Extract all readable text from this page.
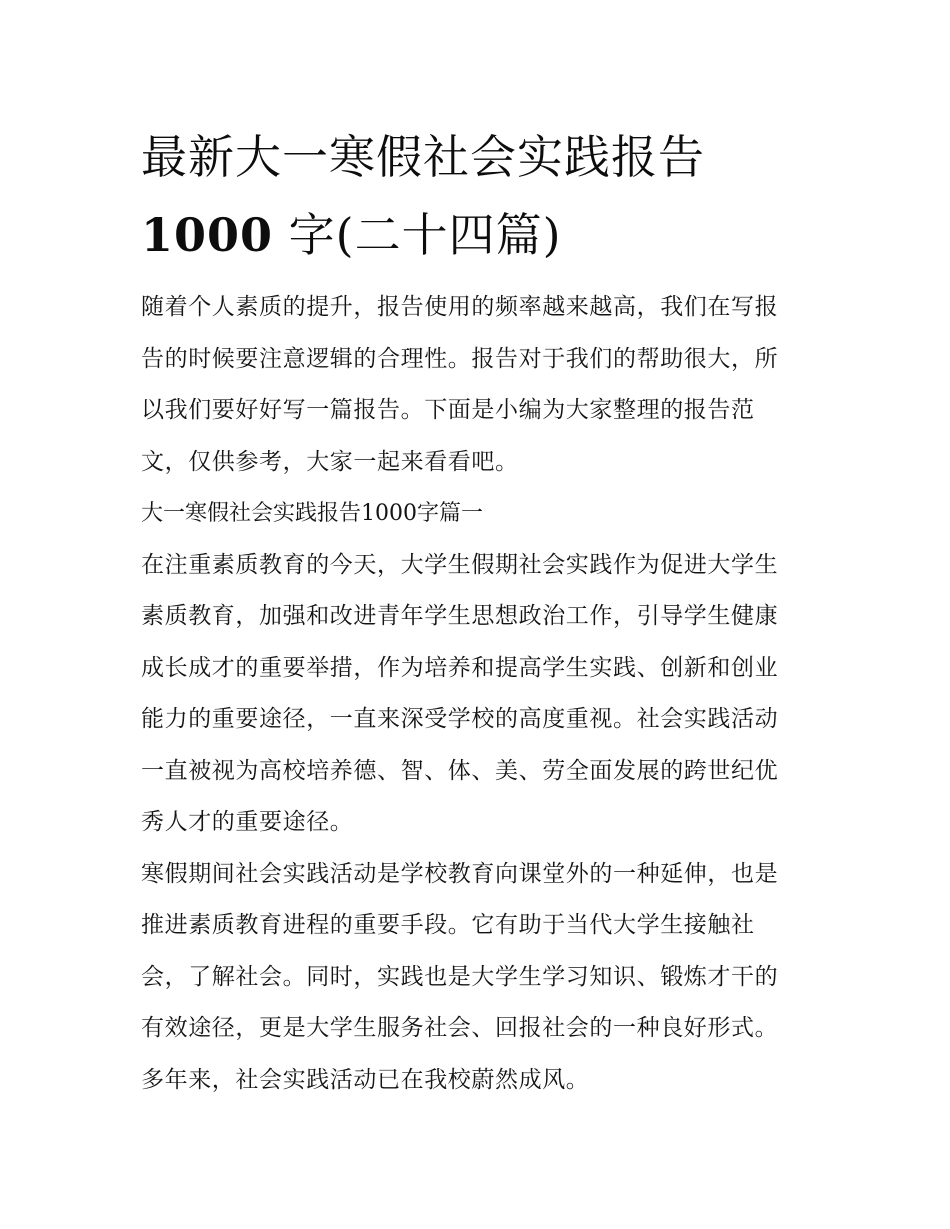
最新大一寒假社会实践报告
1000 字(二十四篇)

随着个人素质的提升，报告使用的频率越来越高，我们在写报

告的时候要注意逻辑的合理性。报告对于我们的帮助很大，所

以我们要好好写一篇报告。下面是小编为大家整理的报告范

文，仅供参考，大家一起来看看吧。

大一寒假社会实践报告1000字篇一

在注重素质教育的今天，大学生假期社会实践作为促进大学生

素质教育，加强和改进青年学生思想政治工作，引导学生健康

成长成才的重要举措，作为培养和提高学生实践、创新和创业

能力的重要途径，一直来深受学校的高度重视。社会实践活动

一直被视为高校培养德、智、体、美、劳全面发展的跨世纪优

秀人才的重要途径。

寒假期间社会实践活动是学校教育向课堂外的一种延伸，也是

推进素质教育进程的重要手段。它有助于当代大学生接触社

会，了解社会。同时，实践也是大学生学习知识、锻炼才干的

有效途径，更是大学生服务社会、回报社会的一种良好形式。

多年来，社会实践活动已在我校蔚然成风。
